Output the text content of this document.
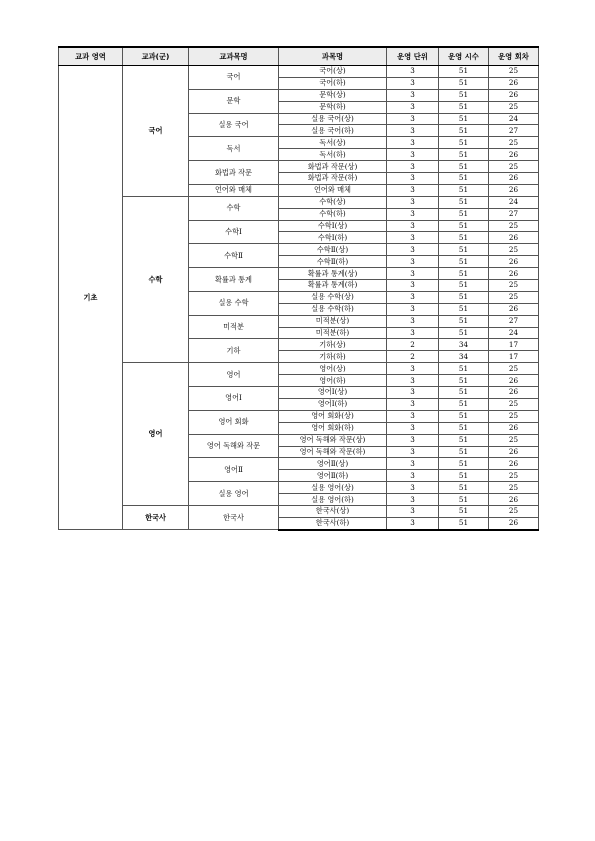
교과 영역	교과(군)	교과목명	과목명	운영 단위	운영 시수	운영 회차
기초	국어	국어	국어(상)	3	51	25
			국어(하)	3	51	26
		문학	문학(상)	3	51	26
			문학(하)	3	51	25
		실용 국어	실용 국어(상)	3	51	24
			실용 국어(하)	3	51	27
		독서	독서(상)	3	51	25
			독서(하)	3	51	26
		화법과 작문	화법과 작문(상)	3	51	25
			화법과 작문(하)	3	51	26
		언어와 매체	언어와 매체	3	51	26
	수학	수학	수학(상)	3	51	24
			수학(하)	3	51	27
		수학Ⅰ	수학Ⅰ(상)	3	51	25
			수학Ⅰ(하)	3	51	26
		수학Ⅱ	수학Ⅱ(상)	3	51	25
			수학Ⅱ(하)	3	51	26
		확률과 통계	확률과 통계(상)	3	51	26
			확률과 통계(하)	3	51	25
		실용 수학	실용 수학(상)	3	51	25
			실용 수학(하)	3	51	26
		미적분	미적분(상)	3	51	27
			미적분(하)	3	51	24
		기하	기하(상)	2	34	17
			기하(하)	2	34	17
	영어	영어	영어(상)	3	51	25
			영어(하)	3	51	26
		영어Ⅰ	영어Ⅰ(상)	3	51	26
			영어Ⅰ(하)	3	51	25
		영어 회화	영어 회화(상)	3	51	25
			영어 회화(하)	3	51	26
		영어 독해와 작문	영어 독해와 작문(상)	3	51	25
			영어 독해와 작문(하)	3	51	26
		영어Ⅱ	영어Ⅱ(상)	3	51	26
			영어Ⅱ(하)	3	51	25
		실용 영어	실용 영어(상)	3	51	25
			실용 영어(하)	3	51	26
	한국사	한국사	한국사(상)	3	51	25
			한국사(하)	3	51	26
